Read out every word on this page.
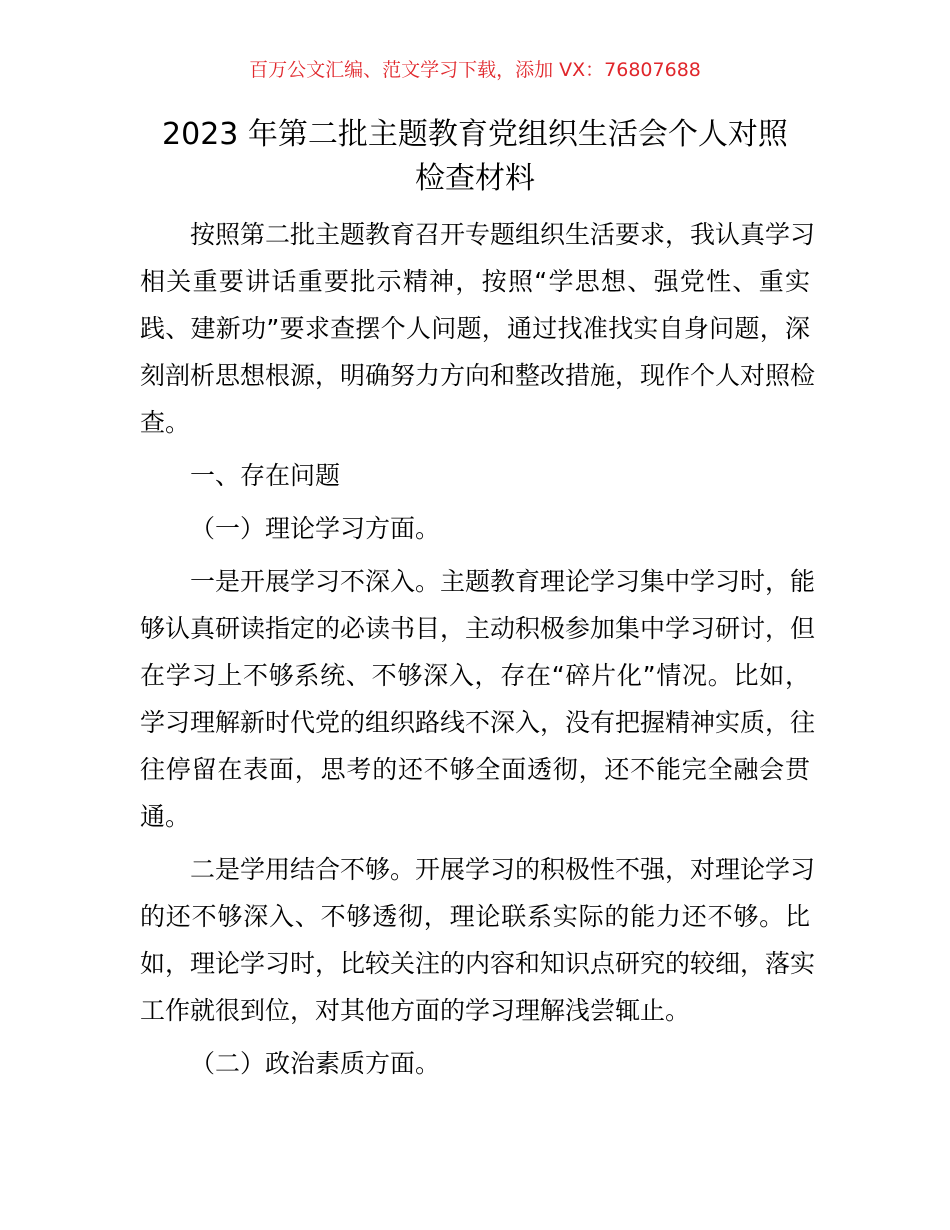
百万公文汇编、范文学习下载，添加 VX：76807688
2023 年第二批主题教育党组织生活会个人对照
检查材料
按照第二批主题教育召开专题组织生活要求，我认真学习
相关重要讲话重要批示精神，按照“学思想、强党性、重实
践、建新功”要求查摆个人问题，通过找准找实自身问题，深
刻剖析思想根源，明确努力方向和整改措施，现作个人对照检
查。
一、存在问题
（一）理论学习方面。
一是开展学习不深入。主题教育理论学习集中学习时，能
够认真研读指定的必读书目，主动积极参加集中学习研讨，但
在学习上不够系统、不够深入，存在“碎片化”情况。比如，
学习理解新时代党的组织路线不深入，没有把握精神实质，往
往停留在表面，思考的还不够全面透彻，还不能完全融会贯
通。
二是学用结合不够。开展学习的积极性不强，对理论学习
的还不够深入、不够透彻，理论联系实际的能力还不够。比
如，理论学习时，比较关注的内容和知识点研究的较细，落实
工作就很到位，对其他方面的学习理解浅尝辄止。
（二）政治素质方面。
